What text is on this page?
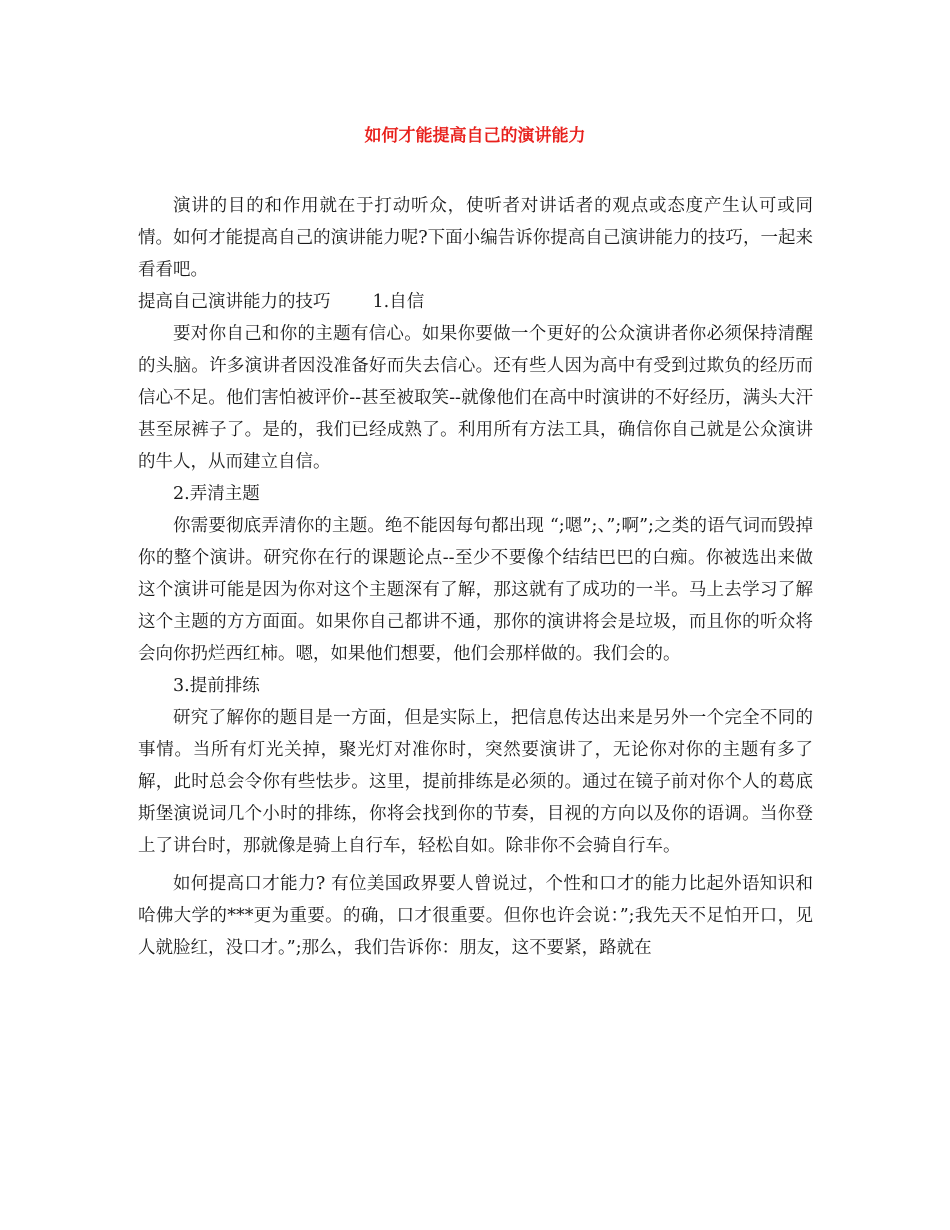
如何才能提高自己的演讲能力

演讲的目的和作用就在于打动听众，使听者对讲话者的观点或态度产生认可或同情。如何才能提高自己的演讲能力呢?下面小编告诉你提高自己演讲能力的技巧，一起来看看吧。

提高自己演讲能力的技巧 1.自信

要对你自己和你的主题有信心。如果你要做一个更好的公众演讲者你必须保持清醒的头脑。许多演讲者因没准备好而失去信心。还有些人因为高中有受到过欺负的经历而信心不足。他们害怕被评价--甚至被取笑--就像他们在高中时演讲的不好经历，满头大汗甚至尿裤子了。是的，我们已经成熟了。利用所有方法工具，确信你自己就是公众演讲的牛人，从而建立自信。

2.弄清主题

你需要彻底弄清你的主题。绝不能因每句都出现 “;嗯”;、”;啊”;之类的语气词而毁掉你的整个演讲。研究你在行的课题论点--至少不要像个结结巴巴的白痴。你被选出来做这个演讲可能是因为你对这个主题深有了解，那这就有了成功的一半。马上去学习了解这个主题的方方面面。如果你自己都讲不通，那你的演讲将会是垃圾，而且你的听众将会向你扔烂西红柿。嗯，如果他们想要，他们会那样做的。我们会的。

3.提前排练

研究了解你的题目是一方面，但是实际上，把信息传达出来是另外一个完全不同的事情。当所有灯光关掉，聚光灯对准你时，突然要演讲了，无论你对你的主题有多了解，此时总会令你有些怯步。这里，提前排练是必须的。通过在镜子前对你个人的葛底斯堡演说词几个小时的排练，你将会找到你的节奏，目视的方向以及你的语调。当你登上了讲台时，那就像是骑上自行车，轻松自如。除非你不会骑自行车。

如何提高口才能力? 有位美国政界要人曾说过，个性和口才的能力比起外语知识和哈佛大学的***更为重要。的确，口才很重要。但你也许会说：”;我先天不足怕开口，见人就脸红，没口才。”;那么，我们告诉你：朋友，这不要紧，路就在
